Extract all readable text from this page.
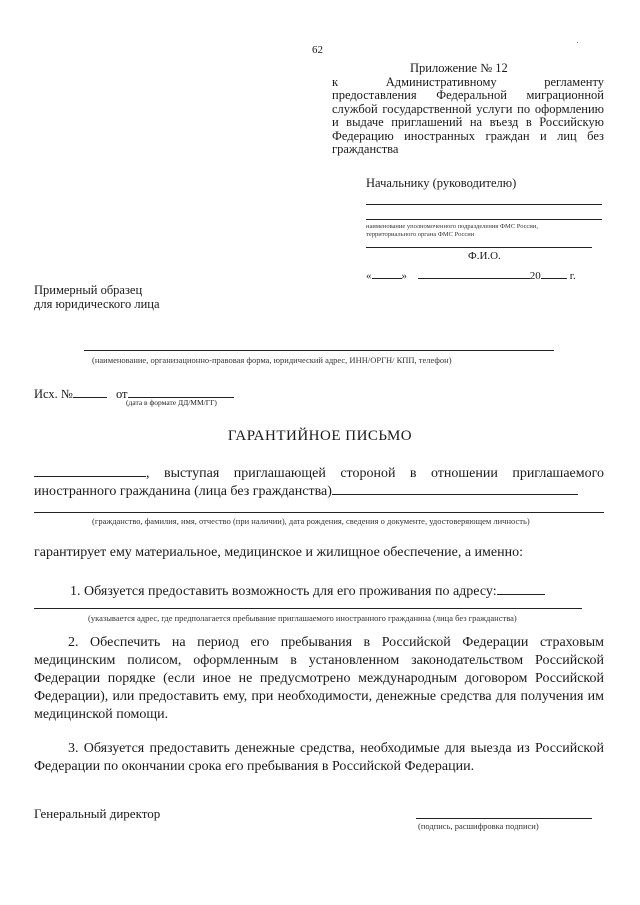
62
Приложение № 12
к Административному регламенту
предоставления Федеральной миграционной
службой государственной услуги по оформлению
и выдаче приглашений на въезд в Российскую
Федерацию иностранных граждан и лиц без
гражданства
Начальнику (руководителю)
наименование уполномоченного подразделения ФМС России,
территориального органа ФМС России
Ф.И.О.
«	»	20	г.
Примерный образец
для юридического лица
(наименование, организационно-правовая форма, юридический адрес, ИНН/ОРГН/ КПП, телефон)
Исх. №	от
(дата в формате ДД/ММ/ГГ)
ГАРАНТИЙНОЕ ПИСЬМО
, выступая приглашающей стороной в отношении приглашаемого
иностранного гражданина (лица без гражданства)
(гражданство, фамилия, имя, отчество (при наличии), дата рождения, сведения о документе, удостоверяющем личность)
гарантирует ему материальное, медицинское и жилищное обеспечение, а именно:
1. Обязуется предоставить возможность для его проживания по адресу:
(указывается адрес, где предполагается пребывание приглашаемого иностранного гражданина (лица без гражданства)
2. Обеспечить на период его пребывания в Российской Федерации страховым медицинским полисом, оформленным в установленном законодательством Российской Федерации порядке (если иное не предусмотрено международным договором Российской Федерации), или предоставить ему, при необходимости, денежные средства для получения им медицинской помощи.
3. Обязуется предоставить денежные средства, необходимые для выезда из Российской Федерации по окончании срока его пребывания в Российской Федерации.
Генеральный директор
(подпись, расшифровка подписи)
